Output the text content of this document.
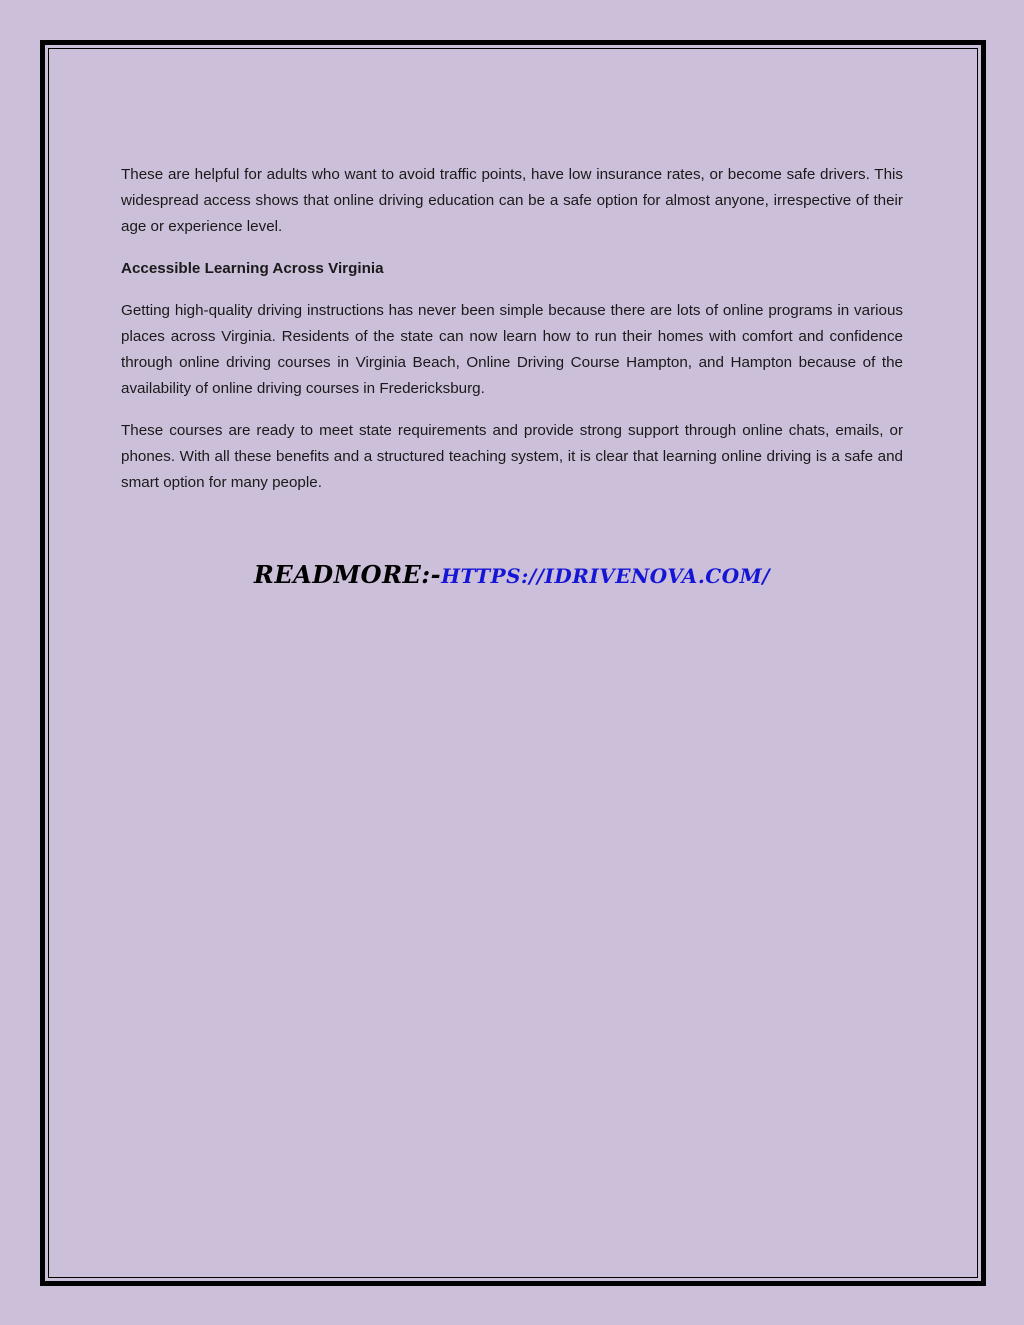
These are helpful for adults who want to avoid traffic points, have low insurance rates, or become safe drivers. This widespread access shows that online driving education can be a safe option for almost anyone, irrespective of their age or experience level.

Accessible Learning Across Virginia

Getting high-quality driving instructions has never been simple because there are lots of online programs in various places across Virginia. Residents of the state can now learn how to run their homes with comfort and confidence through online driving courses in Virginia Beach, Online Driving Course Hampton, and Hampton because of the availability of online driving courses in Fredericksburg.

These courses are ready to meet state requirements and provide strong support through online chats, emails, or phones. With all these benefits and a structured teaching system, it is clear that learning online driving is a safe and smart option for many people.

READMORE:-HTTPS://IDRIVENOVA.COM/
